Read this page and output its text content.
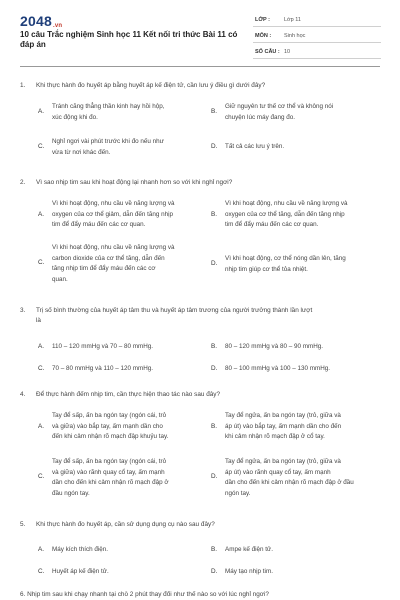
2048.vn
10 câu Trắc nghiệm Sinh học 11 Kết nối tri thức Bài 11 có đáp án
LỚP :	Lớp 11
MÔN : Sinh học
SỐ CÂU : 10
1. Khi thực hành đo huyết áp bằng huyết áp kế điện tử, cần lưu ý điều gì dưới đây?
A.
Tránh căng thẳng thần kinh hay hồi hộp,
xúc động khi đo.
B.
Giữ nguyên tư thế cơ thể và không nói
chuyện lúc máy đang đo.
C.
Nghỉ ngơi vài phút trước khi đo nếu như
vừa từ nơi khác đến.
D. Tất cả các lưu ý trên.
2. Vì sao nhịp tim sau khi hoạt động lại nhanh hơn so với khi nghỉ ngơi?
A.
Vì khi hoạt động, nhu cầu về năng lượng và
oxygen của cơ thể giảm, dẫn đến tăng nhịp
tim để đẩy máu đến các cơ quan.
B.
Vì khi hoạt động, nhu cầu về năng lượng và
oxygen của cơ thể tăng, dẫn đến tăng nhịp
tim để đẩy máu đến các cơ quan.
C.
Vì khi hoạt động, nhu cầu về năng lượng và
carbon dioxide của cơ thể tăng, dẫn đến
tăng nhịp tim để đẩy máu đến các cơ
quan.
D.
Vì khi hoạt động, cơ thể nóng dần lên, tăng
nhịp tim giúp cơ thể tỏa nhiệt.
3. Trị số bình thường của huyết áp tâm thu và huyết áp tâm trương của người trưởng thành lần lượt
là
A. 110 – 120 mmHg và 70 – 80 mmHg.	B. 80 – 120 mmHg và 80 – 90 mmHg.
C. 70 – 80 mmHg và 110 – 120 mmHg.	D. 80 – 100 mmHg và 100 – 130 mmHg.
4. Để thực hành đếm nhịp tim, cần thực hiện thao tác nào sau đây?
A.
Tay để sấp, ấn ba ngón tay (ngón cái, trỏ
và giữa) vào bắp tay, ấm mạnh dần cho
đến khi cảm nhận rõ mạch đập khuỷu tay.
B.
Tay để ngửa, ấn ba ngón tay (trỏ, giữa và
áp út) vào bắp tay, ấm mạnh dần cho đến
khi cảm nhận rõ mạch đập ở cổ tay.
C.
Tay để sấp, ấn ba ngón tay (ngón cái, trỏ
và giữa) vào rãnh quay cổ tay, ấm mạnh
dần cho đến khi cảm nhận rõ mạch đập ở
đầu ngón tay.
D.
Tay để ngửa, ấn ba ngón tay (trỏ, giữa và
áp út) vào rãnh quay cổ tay, ấm mạnh
dần cho đến khi cảm nhận rõ mạch đập ở đầu
ngón tay.
5. Khi thực hành đo huyết áp, cần sử dụng dụng cụ nào sau đây?
A. Máy kích thích điện.	B. Ampe kế điện tử.
C. Huyết áp kế điện tử.	D. Máy tạo nhịp tim.
6. Nhịp tim sau khi chạy nhanh tại chỗ 2 phút thay đổi như thế nào so với lúc nghỉ ngơi?
